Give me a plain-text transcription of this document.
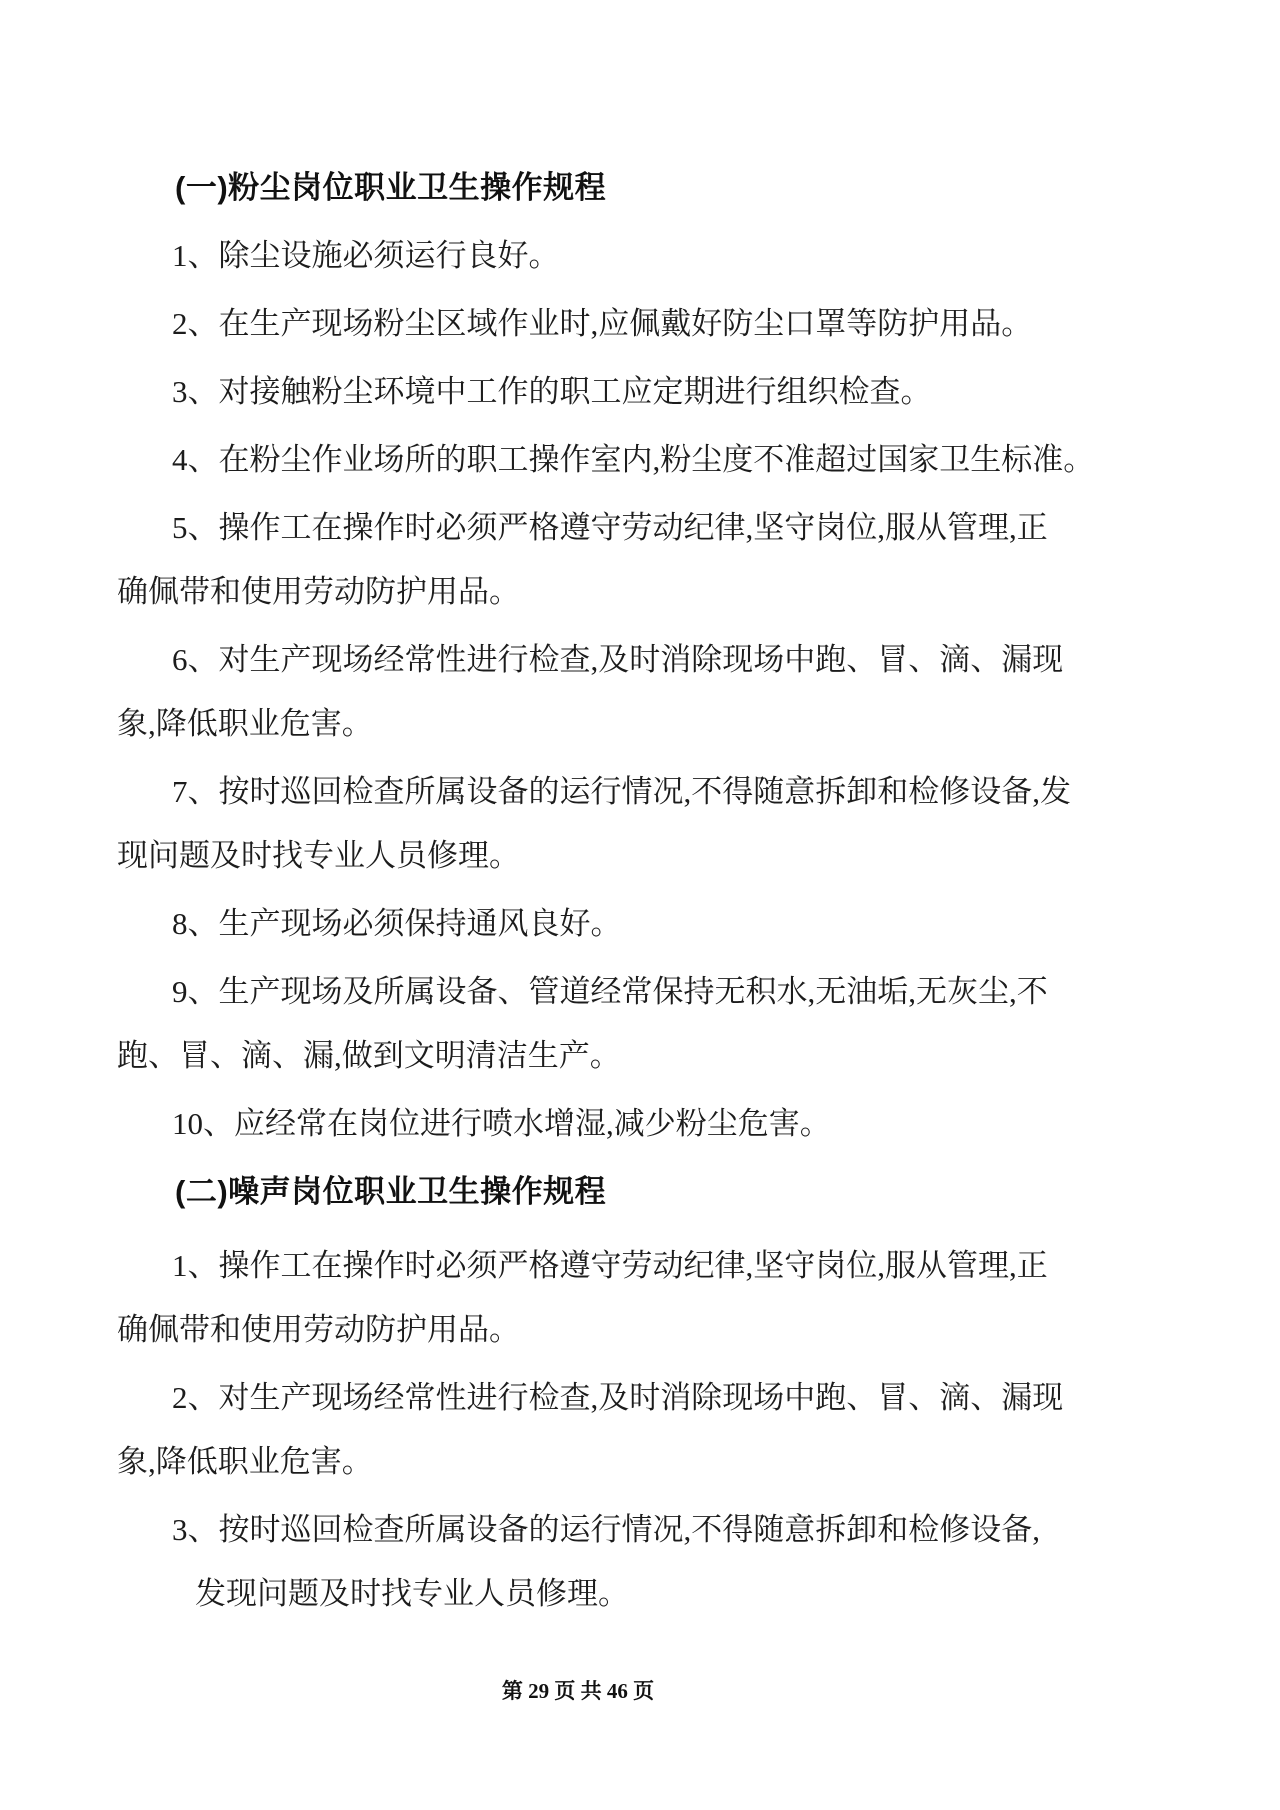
(一)粉尘岗位职业卫生操作规程
1、除尘设施必须运行良好。
2、在生产现场粉尘区域作业时,应佩戴好防尘口罩等防护用品。
3、对接触粉尘环境中工作的职工应定期进行组织检查。
4、在粉尘作业场所的职工操作室内,粉尘度不准超过国家卫生标准。
5、操作工在操作时必须严格遵守劳动纪律,坚守岗位,服从管理,正
确佩带和使用劳动防护用品。
6、对生产现场经常性进行检查,及时消除现场中跑、冒、滴、漏现
象,降低职业危害。
7、按时巡回检查所属设备的运行情况,不得随意拆卸和检修设备,发
现问题及时找专业人员修理。
8、生产现场必须保持通风良好。
9、生产现场及所属设备、管道经常保持无积水,无油垢,无灰尘,不
跑、冒、滴、漏,做到文明清洁生产。
10、应经常在岗位进行喷水增湿,减少粉尘危害。
(二)噪声岗位职业卫生操作规程
1、操作工在操作时必须严格遵守劳动纪律,坚守岗位,服从管理,正
确佩带和使用劳动防护用品。
2、对生产现场经常性进行检查,及时消除现场中跑、冒、滴、漏现
象,降低职业危害。
3、按时巡回检查所属设备的运行情况,不得随意拆卸和检修设备,
发现问题及时找专业人员修理。
第 29 页 共 46 页
